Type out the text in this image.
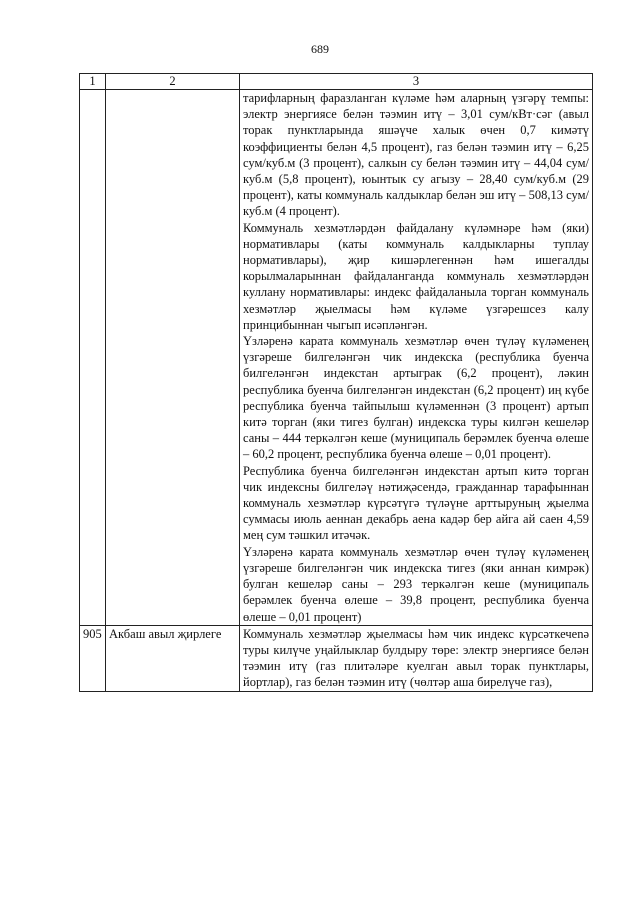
689
1	2	3

		тарифларның фаразланган күләме һәм аларның үзгәрү темпы: электр энергиясе белән тәэмин итү – 3,01 сум/кВт·сәг (авыл торак пунктларында яшәүче халык өчен 0,7 кимәтү коэффициенты белән 4,5 процент), газ белән тәэмин итү – 6,25 сум/куб.м (3 процент), салкын су белән тәэмин итү – 44,04 сум/куб.м (5,8 процент), юынтык су агызу – 28,40 сум/куб.м (29 процент), каты коммуналь калдыклар белән эш итү – 508,13 сум/куб.м (4 процент).

Коммуналь хезмәтләрдән файдалану күләмнәре һәм (яки) нормативлары (каты коммуналь калдыкларны туплау нормативлары), җир кишәрлегеннән һәм ишегалды корылмаларыннан файдаланганда коммуналь хезмәтләрдән куллану нормативлары: индекс файдаланыла торган коммуналь хезмәтләр җыелмасы һәм күләме үзгәрешсез калу принцибыннан чыгып исәпләнгән.

Үзләренә карата коммуналь хезмәтләр өчен түләү күләменең үзгәреше билгеләнгән чик индекска (республика буенча билгеләнгән индекстан артыграк (6,2 процент), ләкин республика буенча билгеләнгән индекстан (6,2 процент) иң күбе республика буенча тайпылыш күләменнән (3 процент) артып китә торган (яки тигез булган) индекска туры килгән кешеләр саны – 444 теркәлгән кеше (муниципаль берәмлек буенча өлеше – 60,2 процент, республика буенча өлеше – 0,01 процент).

Республика буенча билгеләнгән индекстан артып китә торган чик индексны билгеләү нәтиҗәсендә, гражданнар тарафыннан коммуналь хезмәтләр күрсәтүгә түләүне арттыруның җыелма суммасы июль аеннан декабрь аена кадәр бер айга ай саен 4,59 мең сум тәшкил итәчәк.

Үзләренә карата коммуналь хезмәтләр өчен түләү күләменең үзгәреше билгеләнгән чик индекска тигез (яки аннан кимрәк) булган кешеләр саны – 293 теркәлгән кеше (муниципаль берәмлек буенча өлеше – 39,8 процент, республика буенча өлеше – 0,01 процент)

905	Акбаш авыл җирлеге	Коммуналь хезмәтләр җыелмасы һәм чик индекс күрсәткечenә туры килүче уңайлыклар булдыру төре: электр энергиясе белән тәэмин итү (газ плитәләре куелган авыл торак пунктлары, йортлар), газ белән тәэмин итү (чөлтәр аша бирелүче газ),
